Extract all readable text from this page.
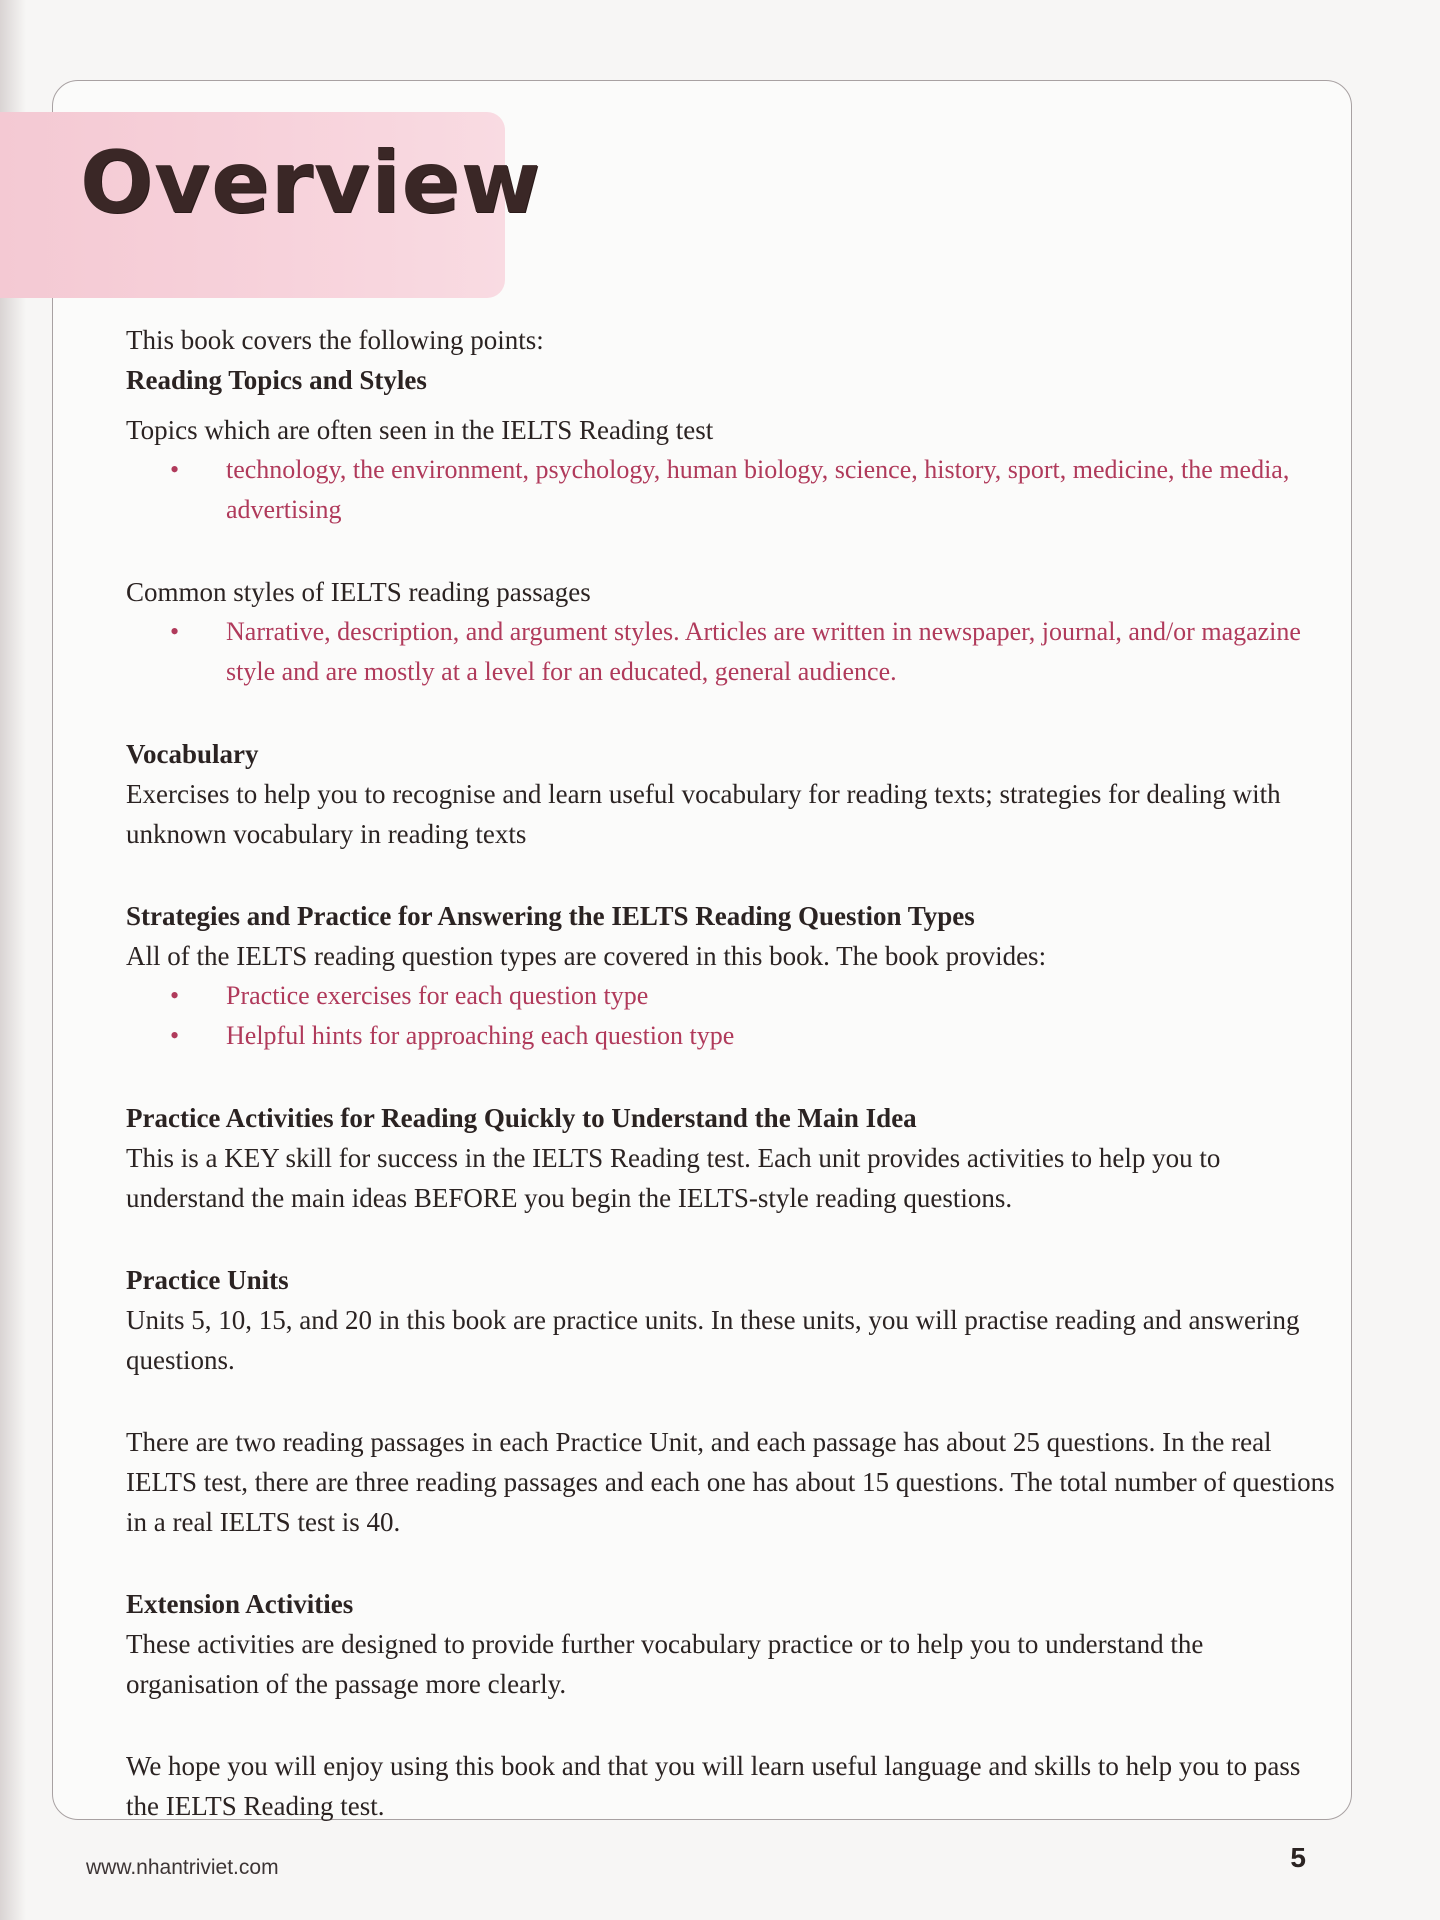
Overview

This book covers the following points:

Reading Topics and Styles

Topics which are often seen in the IELTS Reading test

• technology, the environment, psychology, human biology, science, history, sport, medicine, the media, advertising

Common styles of IELTS reading passages

• Narrative, description, and argument styles. Articles are written in newspaper, journal, and/or magazine style and are mostly at a level for an educated, general audience.

Vocabulary

Exercises to help you to recognise and learn useful vocabulary for reading texts; strategies for dealing with unknown vocabulary in reading texts

Strategies and Practice for Answering the IELTS Reading Question Types

All of the IELTS reading question types are covered in this book. The book provides:

• Practice exercises for each question type
• Helpful hints for approaching each question type

Practice Activities for Reading Quickly to Understand the Main Idea

This is a KEY skill for success in the IELTS Reading test. Each unit provides activities to help you to understand the main ideas BEFORE you begin the IELTS-style reading questions.

Practice Units

Units 5, 10, 15, and 20 in this book are practice units. In these units, you will practise reading and answering questions.

There are two reading passages in each Practice Unit, and each passage has about 25 questions. In the real IELTS test, there are three reading passages and each one has about 15 questions. The total number of questions in a real IELTS test is 40.

Extension Activities

These activities are designed to provide further vocabulary practice or to help you to understand the organisation of the passage more clearly.

We hope you will enjoy using this book and that you will learn useful language and skills to help you to pass the IELTS Reading test.

www.nhantriviet.com	5
